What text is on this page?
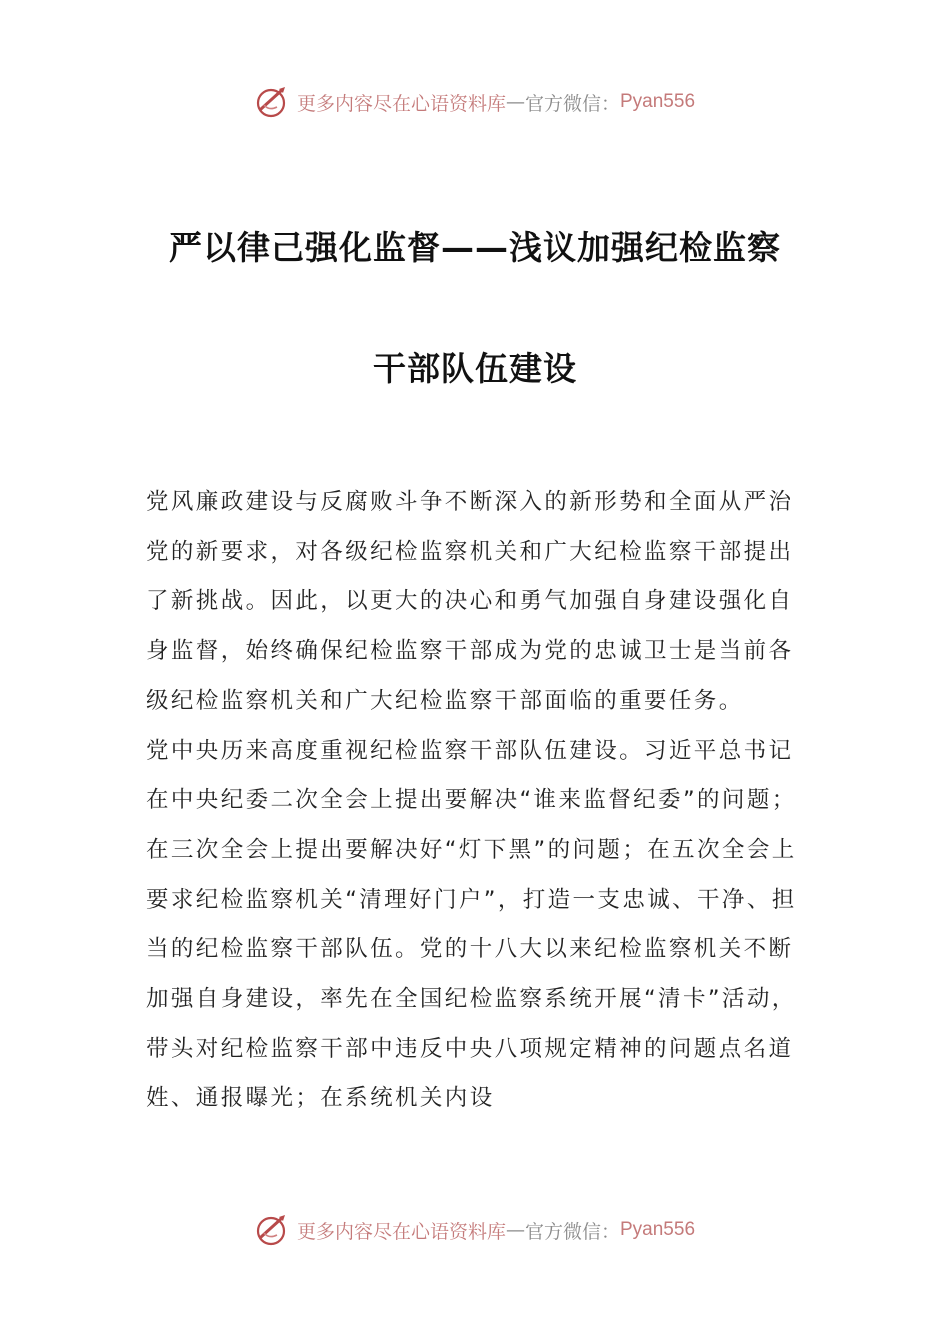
更多内容尽在心语资料库 — 官方微信： Pyan556
严以律己强化监督——浅议加强纪检监察
干部队伍建设

党风廉政建设与反腐败斗争不断深入的新形势和全面从严治党的新要求，对各级纪检监察机关和广大纪检监察干部提出了新挑战。因此，以更大的决心和勇气加强自身建设强化自身监督，始终确保纪检监察干部成为党的忠诚卫士是当前各级纪检监察机关和广大纪检监察干部面临的重要任务。

党中央历来高度重视纪检监察干部队伍建设。习近平总书记在中央纪委二次全会上提出要解决“谁来监督纪委”的问题；在三次全会上提出要解决好“灯下黑”的问题；在五次全会上要求纪检监察机关“清理好门户”，打造一支忠诚、干净、担当的纪检监察干部队伍。党的十八大以来纪检监察机关不断加强自身建设，率先在全国纪检监察系统开展“清卡”活动，带头对纪检监察干部中违反中央八项规定精神的问题点名道姓、通报曝光；在系统机关内设

更多内容尽在心语资料库 — 官方微信： Pyan556
